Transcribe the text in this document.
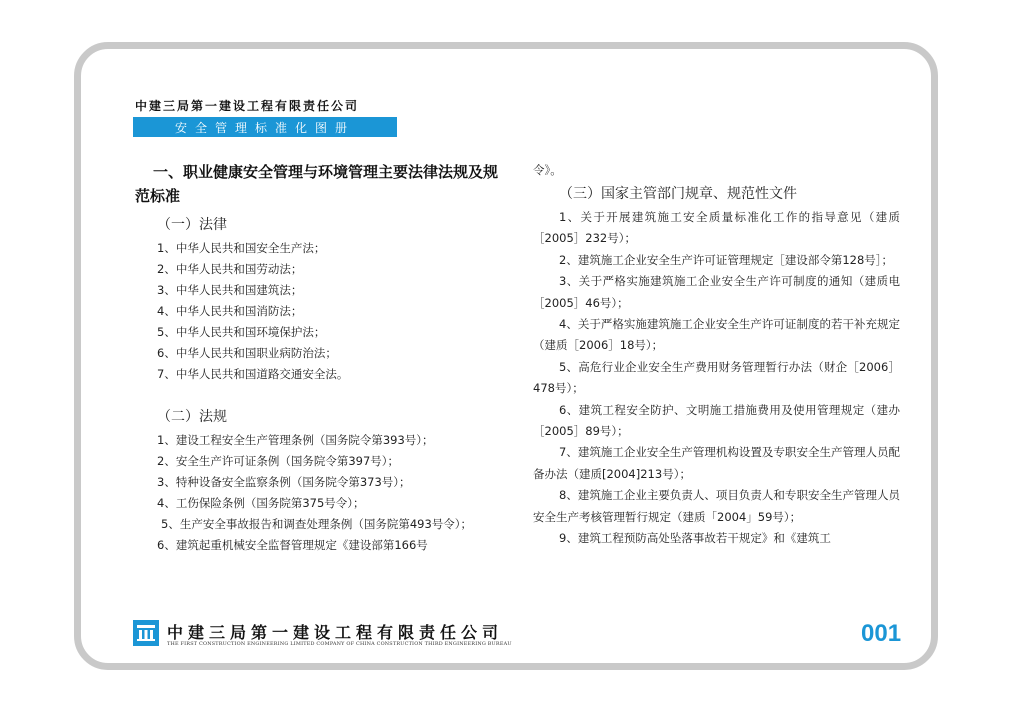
中建三局第一建设工程有限责任公司
安全管理标准化图册
一、职业健康安全管理与环境管理主要法律法规及规范标准
（一）法律
1、中华人民共和国安全生产法；
2、中华人民共和国劳动法；
3、中华人民共和国建筑法；
4、中华人民共和国消防法；
5、中华人民共和国环境保护法；
6、中华人民共和国职业病防治法；
7、中华人民共和国道路交通安全法。
（二）法规
1、建设工程安全生产管理条例（国务院令第393号）；
2、安全生产许可证条例（国务院令第397号）；
3、特种设备安全监察条例（国务院令第373号）；
4、工伤保险条例（国务院第375号令）；
5、生产安全事故报告和调查处理条例（国务院第493号令）；
6、建筑起重机械安全监督管理规定《建设部第166号
令》。
（三）国家主管部门规章、规范性文件
1、关于开展建筑施工安全质量标准化工作的指导意见（建质［2005］232号）；
2、建筑施工企业安全生产许可证管理规定［建设部令第128号］；
3、关于严格实施建筑施工企业安全生产许可制度的通知（建质电［2005］46号）；
4、关于严格实施建筑施工企业安全生产许可证制度的若干补充规定（建质［2006］18号）；
5、高危行业企业安全生产费用财务管理暂行办法（财企［2006］478号）；
6、建筑工程安全防护、文明施工措施费用及使用管理规定（建办［2005］89号）；
7、建筑施工企业安全生产管理机构设置及专职安全生产管理人员配备办法（建质[2004]213号）；
8、建筑施工企业主要负责人、项目负责人和专职安全生产管理人员安全生产考核管理暂行规定（建质「2004」59号）；
9、建筑工程预防高处坠落事故若干规定》和《建筑工
中建三局第一建设工程有限责任公司
THE FIRST CONSTRUCTION ENGINEERING LIMITED COMPANY OF CHINA CONSTRUCTION THIRD ENGINEERING BUREAU	001
